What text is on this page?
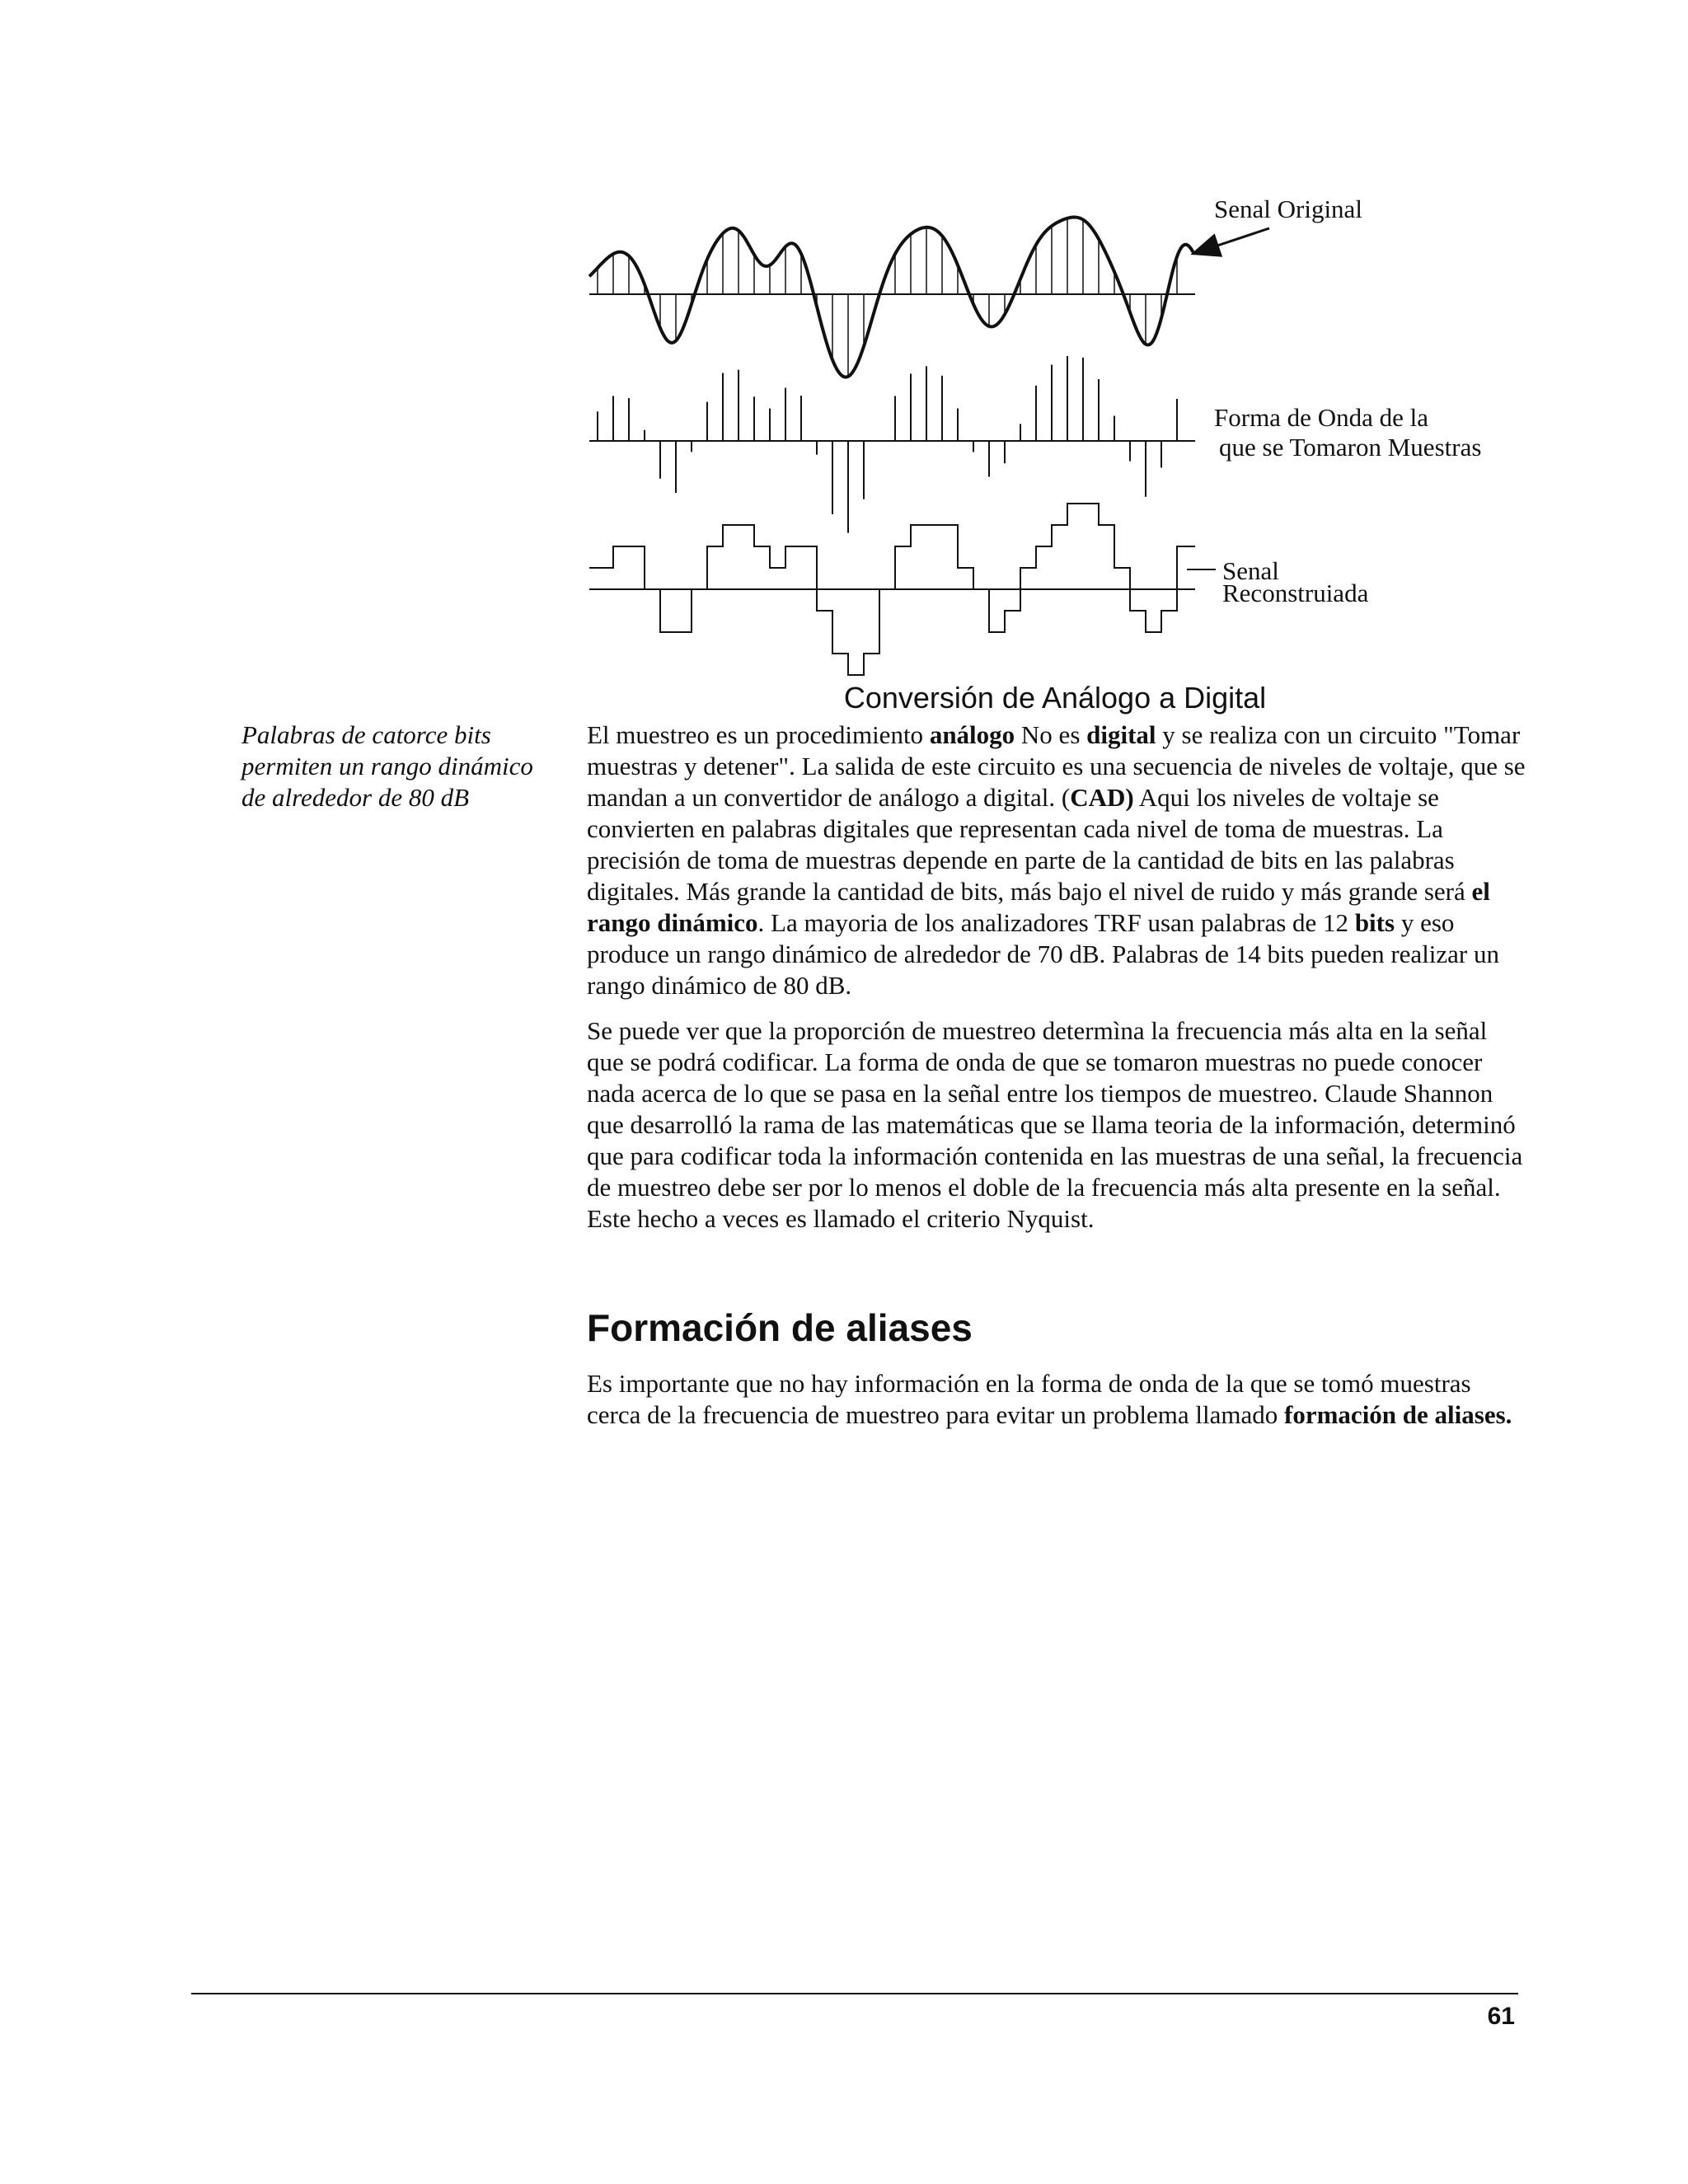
Senal Original
Forma de Onda de la
que se Tomaron Muestras
Senal
Reconstruiada
Conversión de Análogo a Digital
Palabras de catorce bits
permiten un rango dinámico
de alrededor de 80 dB
El muestreo es un procedimiento análogo No es digital y se realiza con un circuito "Tomar muestras y detener". La salida de este circuito es una secuencia de niveles de voltaje, que se mandan a un convertidor de análogo a digital. (CAD) Aqui los niveles de voltaje se convierten en palabras digitales que representan cada nivel de toma de muestras. La precisión de toma de muestras depende en parte de la cantidad de bits en las palabras digitales. Más grande la cantidad de bits, más bajo el nivel de ruido y más grande será el rango dinámico. La mayoria de los analizadores TRF usan palabras de 12 bits y eso produce un rango dinámico de alrededor de 70 dB. Palabras de 14 bits pueden realizar un rango dinámico de 80 dB.
Se puede ver que la proporción de muestreo determìna la frecuencia más alta en la señal que se podrá codificar. La forma de onda de que se tomaron muestras no puede conocer nada acerca de lo que se pasa en la señal entre los tiempos de muestreo. Claude Shannon que desarrolló la rama de las matemáticas que se llama teoria de la información, determinó que para codificar toda la información contenida en las muestras de una señal, la frecuencia de muestreo debe ser por lo menos el doble de la frecuencia más alta presente en la señal. Este hecho a veces es llamado el criterio Nyquist.
Formación de aliases
Es importante que no hay información en la forma de onda de la que se tomó muestras cerca de la frecuencia de muestreo para evitar un problema llamado formación de aliases.
61
